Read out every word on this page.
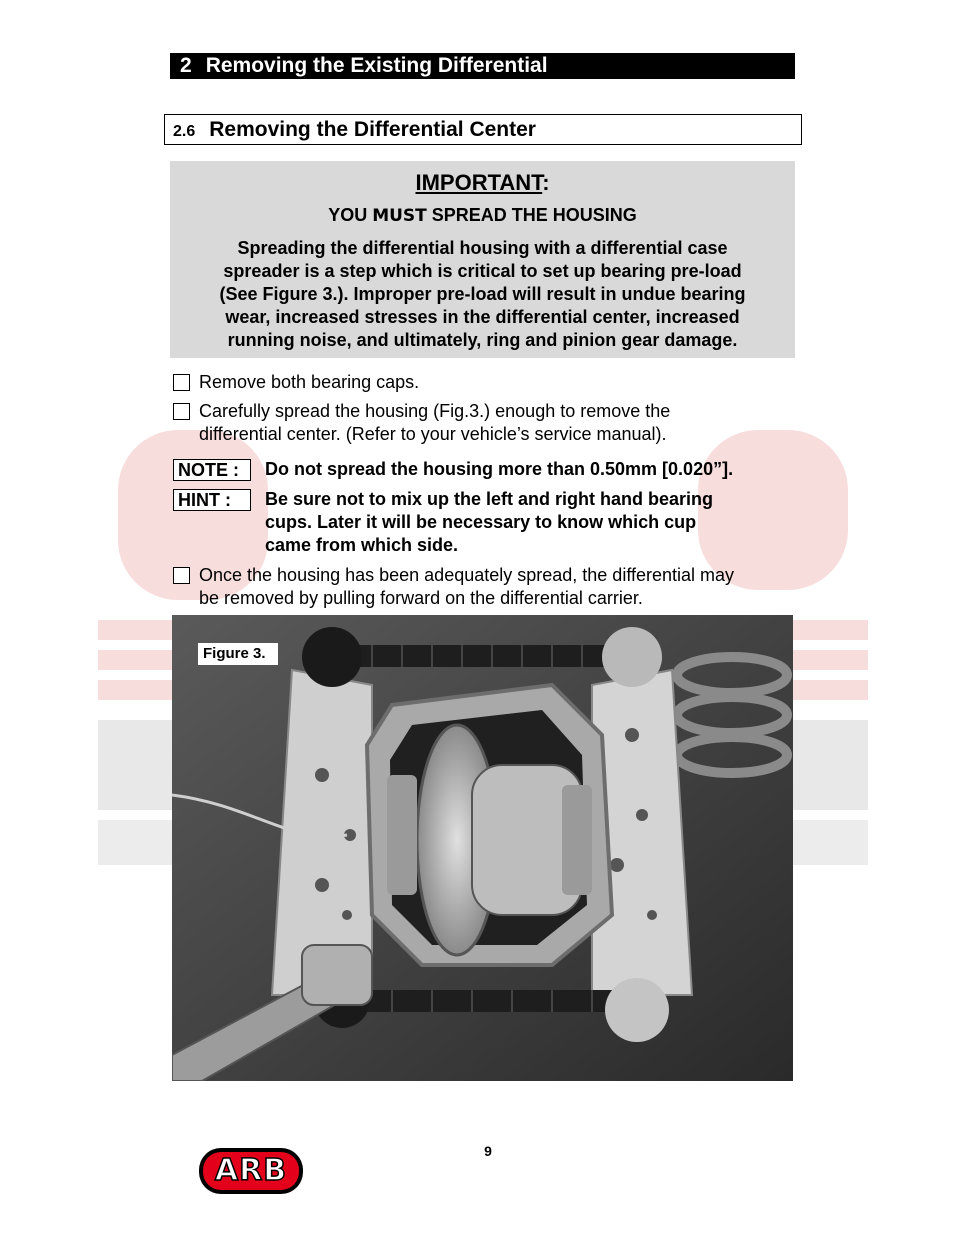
2 Removing the Existing Differential
2.6 Removing the Differential Center
IMPORTANT:
YOU MUST SPREAD THE HOUSING
Spreading the differential housing with a differential case
spreader is a step which is critical to set up bearing pre-load
(See Figure 3.). Improper pre-load will result in undue bearing
wear, increased stresses in the differential center, increased
running noise, and ultimately, ring and pinion gear damage.
Remove both bearing caps.
Carefully spread the housing (Fig.3.) enough to remove the
differential center. (Refer to your vehicle’s service manual).
NOTE :	Do not spread the housing more than 0.50mm [0.020”].
HINT :	Be sure not to mix up the left and right hand bearing
cups. Later it will be necessary to know which cup
came from which side.
Once the housing has been adequately spread, the differential may
be removed by pulling forward on the differential carrier.
Figure 3.
9
ARB
